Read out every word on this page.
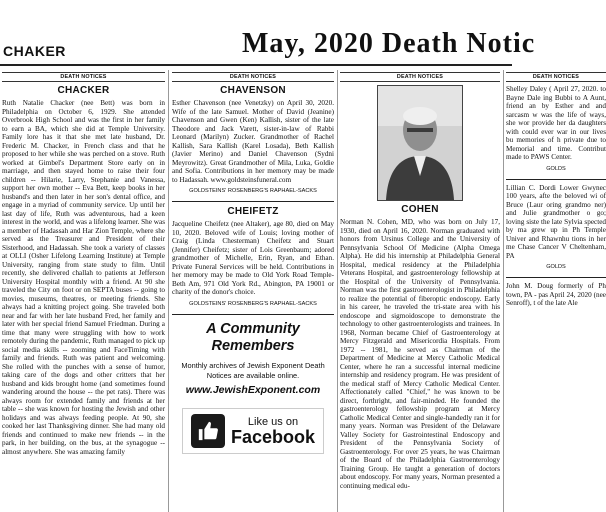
CHAKER	May, 2020 Death Notic
DEATH NOTICES
CHACKER

Ruth Natalie Chacker (nee Bett) was born in Philadelphia on October 6, 1929. She attended Overbrook High School and was the first in her family to earn a BA, which she did at Temple University. Family lore has it that she met late husband, Dr. Frederic M. Chacker, in French class and that he proposed to her while she was perched on a stove. Ruth worked at Gimbel's Department Store early on in marriage, and then stayed home to raise their four children -- Hilarie, Larry, Stephanie and Vanessa, support her own mother -- Eva Bett, keep books in her husband's and then later in her son's dental office, and engage in a myriad of community service. Up until her last day of life, Ruth was adventurous, had a keen interest in the world, and was a lifelong learner. She was a member of Hadassah and Har Zion Temple, where she served as the Treasurer and President of their Sisterhood, and Hadassah. She took a variety of classes at OLLI (Osher Lifelong Learning Institute) at Temple University, ranging from state study to film. Until recently, she delivered challah to patients at Jefferson University Hospital monthly with a friend. At 90 she traveled the City on foot or on SEPTA buses -- going to movies, museums, theatres, or meeting friends. She always had a knitting project going. She traveled both near and far with her late husband Fred, her family and later with her special friend Samuel Friedman. During a time that many were struggling with how to work remotely during the pandemic, Ruth managed to pick up social media skills -- zooming and FaceTiming with family and friends. Ruth was patient and welcoming. She rolled with the punches with a sense of humor, taking care of the dogs and other critters that her husband and kids brought home (and sometimes found wandering around the house -- the pet rats). There was always room for extended family and friends at her table -- she was known for hosting the Jewish and other holidays and was always feeding people. At 90, she cooked her last Thanksgiving dinner. She had many old friends and continued to make new friends -- in the park, in her building, on the bus, at the synagogue -- almost anywhere. She was amazing family

DEATH NOTICES
CHAVENSON

Esther Chavenson (nee Venetzky) on April 30, 2020. Wife of the late Samuel. Mother of David (Jeanine) Chavenson and Gwen (Ken) Kallish, sister of the late Theodore and Jack Varett, sister-in-law of Rabbi Leonard (Marilyn) Zucker. Grandmother of Rachel Kallish, Sara Kallish (Karel Losada), Beth Kallish (Javier Merino) and Daniel Chavenson (Sydni Meyrowitz). Great Grandmother of Mila, Luka, Goldie and Sofia. Contributions in her memory may be made to Hadassah. www.goldsteinsfuneral.com

GOLDSTEINS' ROSENBERG'S RAPHAEL-SACKS
CHEIFETZ

Jacqueline Cheifetz (nee Altaker), age 80, died on May 10, 2020. Beloved wife of Louis; loving mother of Craig (Linda Chesterman) Cheifetz and Stuart (Jennifer) Cheifetz; sister of Lois Greenbaum; adored grandmother of Michelle, Erin, Ryan, and Ethan. Private Funeral Services will be held. Contributions in her memory may be made to Old York Road Temple-Beth Am, 971 Old York Rd., Abington, PA 19001 or charity of the donor's choice.

GOLDSTEINS' ROSENBERG'S RAPHAEL-SACKS

A Community Remembers

Monthly archives of Jewish Exponent Death Notices are available online.

www.JewishExponent.com

Like us on
Facebook
DEATH NOTICES
COHEN

Norman N. Cohen, MD, who was born on July 17, 1930, died on April 16, 2020. Norman graduated with honors from Ursinus College and the University of Pennsylvania School Of Medicine (Alpha Omega Alpha). He did his internship at Philadelphia General Hospital, medical residency at the Philadelphia Veterans Hospital, and gastroenterology fellowship at the Hospital of the University of Pennsylvania. Norman was the first gastroenterologist in Philadelphia to realize the potential of fiberoptic endoscopy. Early in his career, he traveled the tri-state area with his endoscope and sigmoidoscope to demonstrate the technology to other gastroenterologists and trainees. In 1968, Norman became Chief of Gastroenterology at Mercy Fitzgerald and Misericordia Hospitals. From 1972 -- 1981, he served as Chairman of the Department of Medicine at Mercy Catholic Medical Center, where he ran a successful internal medicine internship and residency program. He was president of the medical staff of Mercy Catholic Medical Center. Affectionately called "Chief," he was known to be direct, forthright, and fair-minded. He founded the gastroenterology fellowship program at Mercy Catholic Medical Center and single-handedly ran it for many years. Norman was President of the Delaware Valley Society for Gastrointestinal Endoscopy and President of the Pennsylvania Society of Gastroenterology. For over 25 years, he was Chairman of the Board of the Philadelphia Gastroenterology Training Group. He taught a generation of doctors about endoscopy. For many years, Norman presented a continuing medical edu-

DEATH NOTICES

Shelley Daley ( April 27, 2020. to Bayne Dale ing Bubbi to A Aunt, friend an by Esther and and sarcasm w was the life of ways, she wor provide her da daughters with could ever war in our lives bu memories of h private due to Memorial and time. Contribut made to PAWS Center.

GOLDS

Lillian C. Dordi Lower Gwynec 100 years, afte the beloved wi of Bruce (Laur oring grandmo ner) and Julie grandmother o go; loving siste the late Sylvia spected by ma grew up in Ph Temple Univer and Rhawnhu tions in her me Chase Cancer V Cheltenham, PA

GOLDS

John M. Doug formerly of Ph town, PA - pas April 24, 2020 (nee Senroff), t of the late Ale
